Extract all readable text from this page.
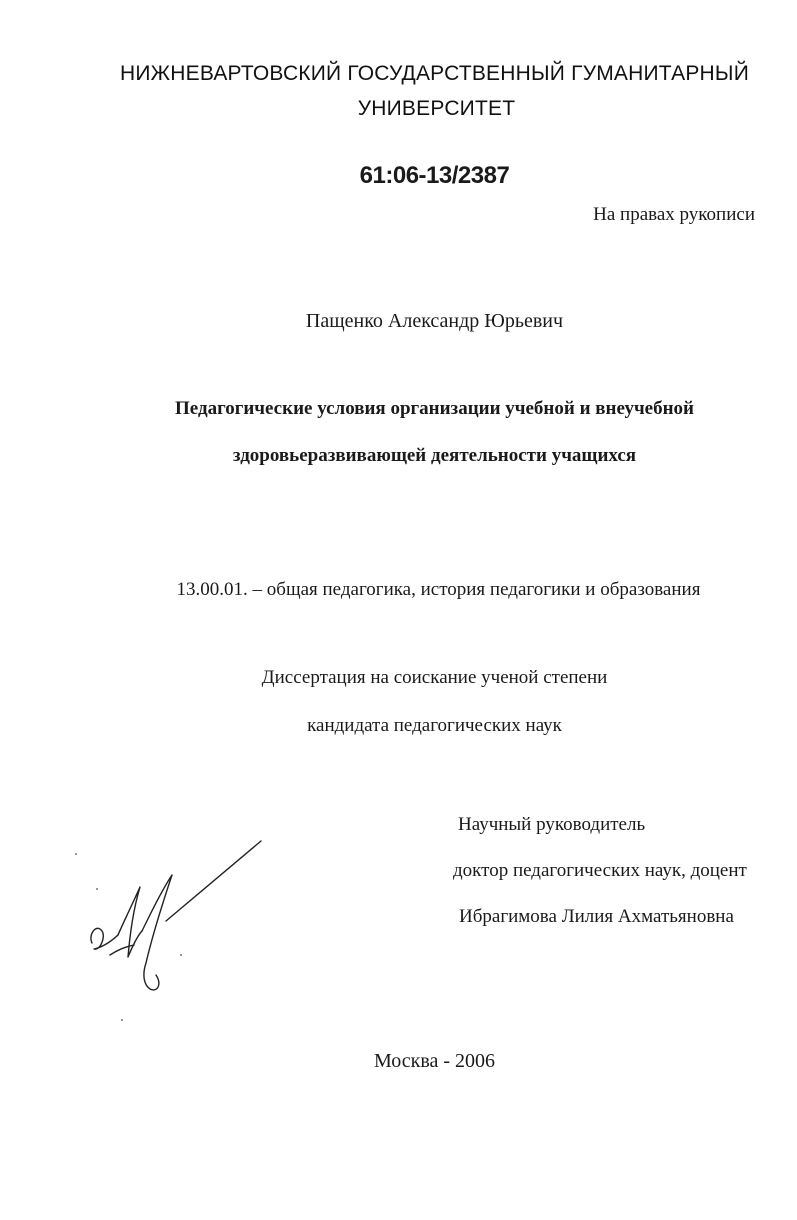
НИЖНЕВАРТОВСКИЙ ГОСУДАРСТВЕННЫЙ ГУМАНИТАРНЫЙ
УНИВЕРСИТЕТ
61:06-13/2387
На правах рукописи
Пащенко Александр Юрьевич
Педагогические условия организации учебной и внеучебной
здоровьеразвивающей деятельности учащихся
13.00.01. – общая педагогика, история педагогики и образования
Диссертация на соискание ученой степени
кандидата педагогических наук
Научный руководитель
доктор педагогических наук, доцент
Ибрагимова Лилия Ахматьяновна
Москва - 2006
